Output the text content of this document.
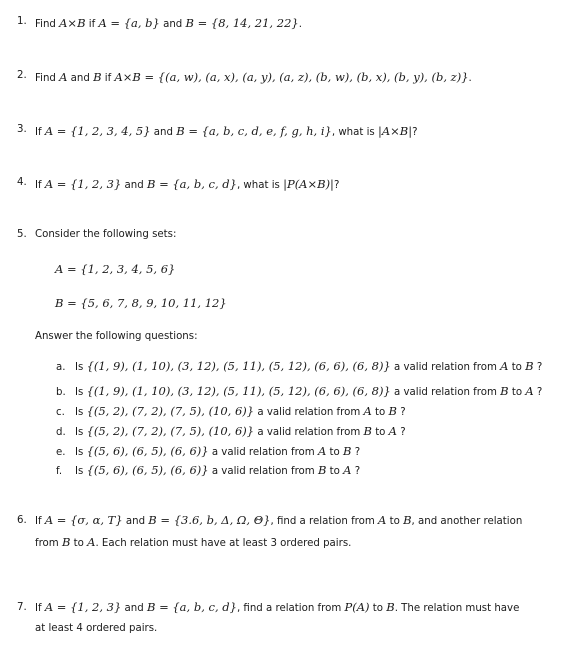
1. Find A×B if A = {a, b} and B = {8, 14, 21, 22}.
2. Find A and B if A×B = {(a, w), (a, x), (a, y), (a, z), (b, w), (b, x), (b, y), (b, z)}.
3. If A = {1, 2, 3, 4, 5} and B = {a, b, c, d, e, f, g, h, i}, what is |A×B|?
4. If A = {1, 2, 3} and B = {a, b, c, d}, what is |P(A×B)|?
5. Consider the following sets:
A = {1, 2, 3, 4, 5, 6}
B = {5, 6, 7, 8, 9, 10, 11, 12}
Answer the following questions:
a. Is {(1, 9), (1, 10), (3, 12), (5, 11), (5, 12), (6, 6), (6, 8)} a valid relation from A to B ?
b. Is {(1, 9), (1, 10), (3, 12), (5, 11), (5, 12), (6, 6), (6, 8)} a valid relation from B to A ?
c. Is {(5, 2), (7, 2), (7, 5), (10, 6)} a valid relation from A to B ?
d. Is {(5, 2), (7, 2), (7, 5), (10, 6)} a valid relation from B to A ?
e. Is {(5, 6), (6, 5), (6, 6)} a valid relation from A to B ?
f. Is {(5, 6), (6, 5), (6, 6)} a valid relation from B to A ?
6. If A = {σ, α, T} and B = {3.6, b, Δ, Ω, Θ}, find a relation from A to B, and another relation from B to A. Each relation must have at least 3 ordered pairs.
7. If A = {1, 2, 3} and B = {a, b, c, d}, find a relation from P(A) to B. The relation must have at least 4 ordered pairs.
